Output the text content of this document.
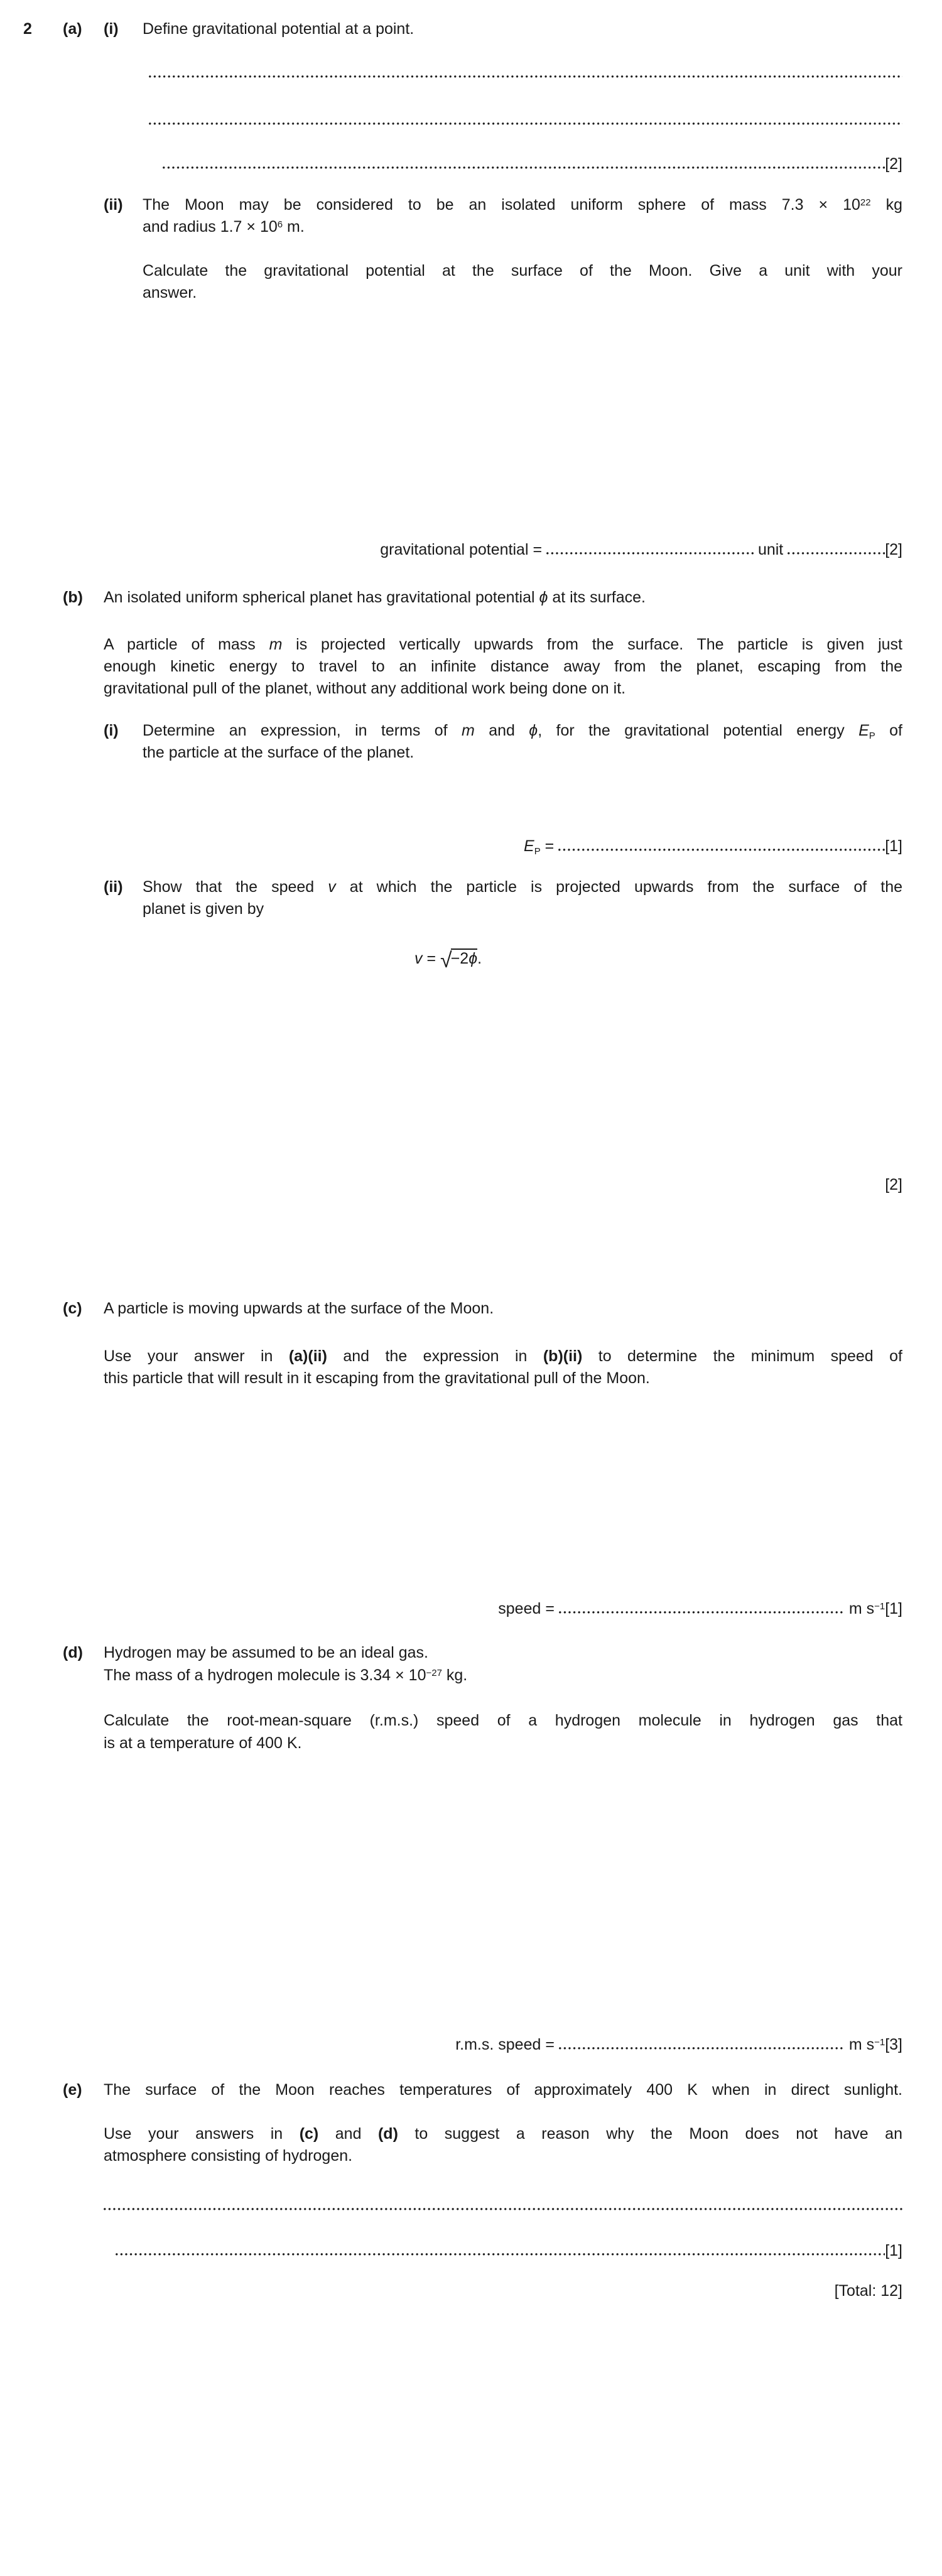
2 (a) (i) Define gravitational potential at a point.
[2]
(ii) The Moon may be considered to be an isolated uniform sphere of mass $7.3 \times 10^{22}$ kg
and radius $1.7 \times 10^6$ m.
Calculate the gravitational potential at the surface of the Moon. Give a unit with your
answer.
gravitational potential =	unit	[2]
(b) An isolated uniform spherical planet has gravitational potential ϕ at its surface.
A particle of mass m is projected vertically upwards from the surface. The particle is given just
enough kinetic energy to travel to an infinite distance away from the planet, escaping from the
gravitational pull of the planet, without any additional work being done on it.
(i) Determine an expression, in terms of m and ϕ, for the gravitational potential energy $E_P$ of
the particle at the surface of the planet.
$E_P$ =	[1]
(ii) Show that the speed v at which the particle is projected upwards from the surface of the
planet is given by
v = √−2ϕ.
[2]
(c) A particle is moving upwards at the surface of the Moon.
Use your answer in (a)(ii) and the expression in (b)(ii) to determine the minimum speed of
this particle that will result in it escaping from the gravitational pull of the Moon.
speed =	m $s^{-1}[1]$
(d) Hydrogen may be assumed to be an ideal gas.
The mass of a hydrogen molecule is $3.34 \times 10^{-27}$ kg.
Calculate the root-mean-square (r.m.s.) speed of a hydrogen molecule in hydrogen gas that
is at a temperature of 400 K.
r.m.s. speed =	m $s^{-1}[3]$
(e) The surface of the Moon reaches temperatures of approximately 400 K when in direct sunlight.
Use your answers in (c) and (d) to suggest a reason why the Moon does not have an
atmosphere consisting of hydrogen.
[1]
[Total: 12]
